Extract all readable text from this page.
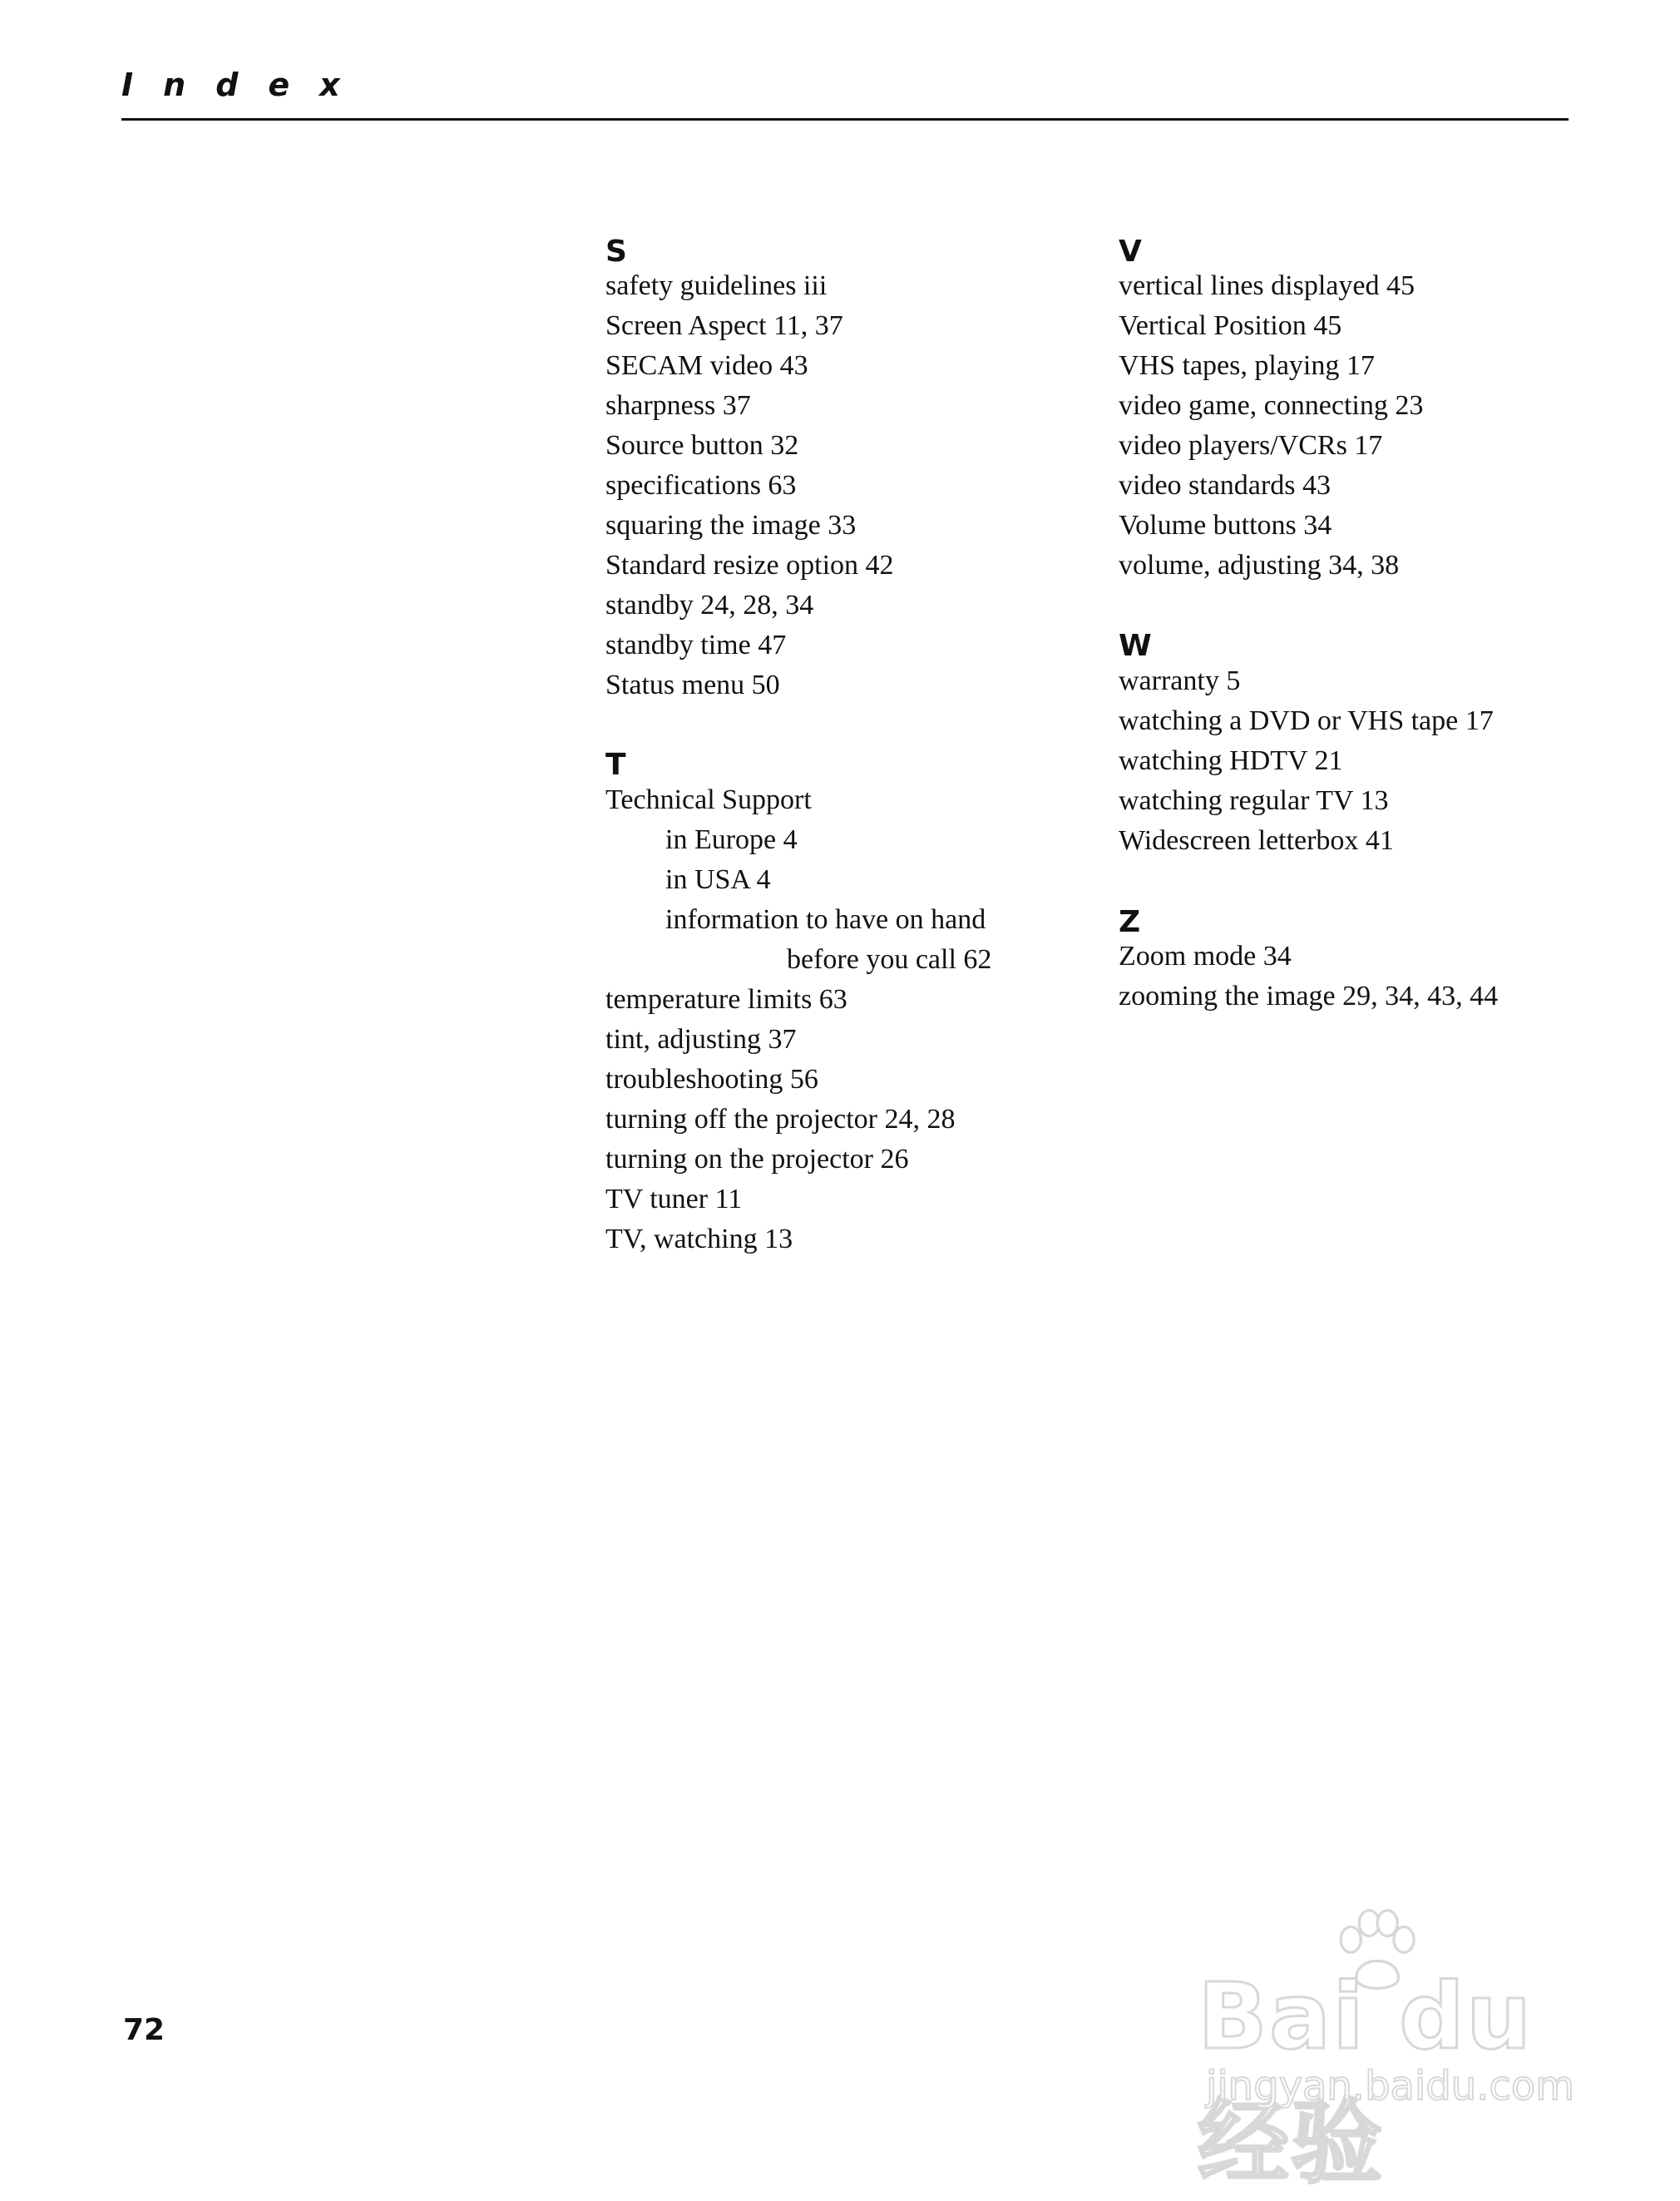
Index
S
safety guidelines iii
Screen Aspect 11, 37
SECAM video 43
sharpness 37
Source button 32
specifications 63
squaring the image 33
Standard resize option 42
standby 24, 28, 34
standby time 47
Status menu 50
T
Technical Support
in Europe 4
in USA 4
information to have on hand
before you call 62
temperature limits 63
tint, adjusting 37
troubleshooting 56
turning off the projector 24, 28
turning on the projector 26
TV tuner 11
TV, watching 13
V
vertical lines displayed 45
Vertical Position 45
VHS tapes, playing 17
video game, connecting 23
video players/VCRs 17
video standards 43
Volume buttons 34
volume, adjusting 34, 38
W
warranty 5
watching a DVD or VHS tape 17
watching HDTV 21
watching regular TV 13
Widescreen letterbox 41
Z
Zoom mode 34
zooming the image 29, 34, 43, 44
72	Bai du 经验
jingyan.baidu.com
